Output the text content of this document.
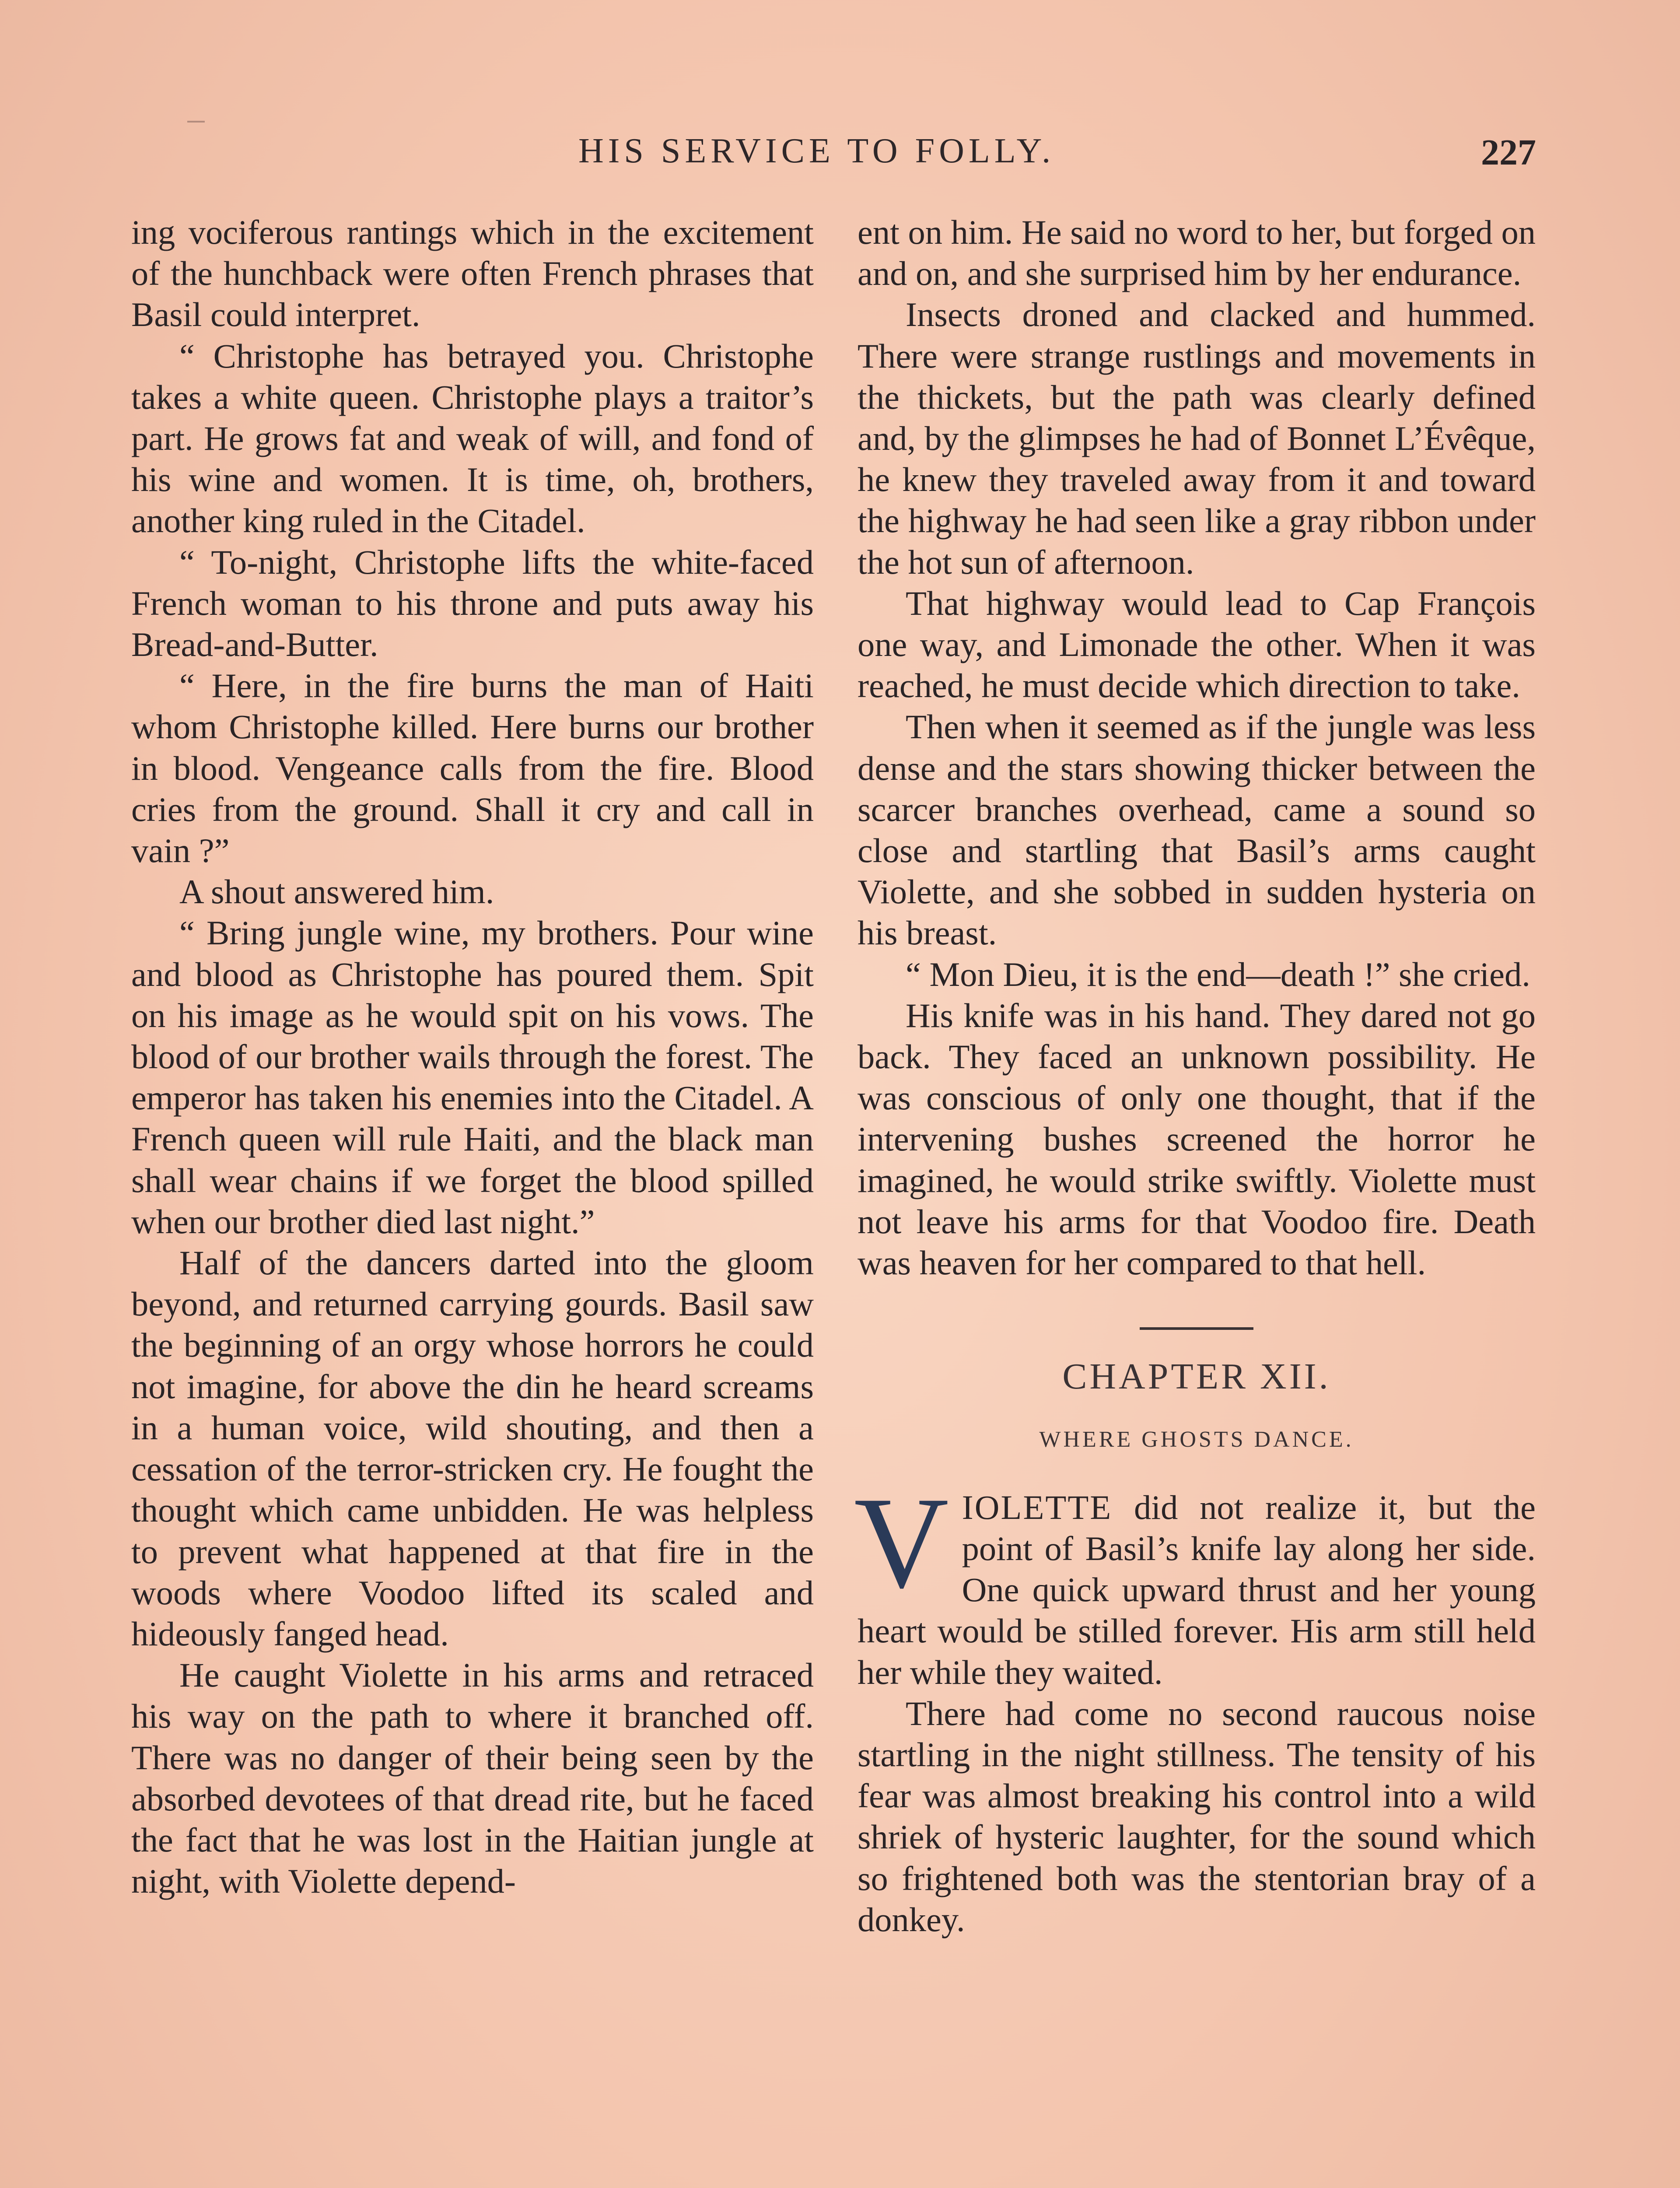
HIS SERVICE TO FOLLY.	227

ing vociferous rantings which in the excitement of the hunchback were often French phrases that Basil could interpret.

“ Christophe has betrayed you. Christophe takes a white queen. Christophe plays a traitor’s part. He grows fat and weak of will, and fond of his wine and women. It is time, oh, brothers, another king ruled in the Citadel.

“ To-night, Christophe lifts the white-faced French woman to his throne and puts away his Bread-and-Butter.

“ Here, in the fire burns the man of Haiti whom Christophe killed. Here burns our brother in blood. Vengeance calls from the fire. Blood cries from the ground. Shall it cry and call in vain ?”

A shout answered him.

“ Bring jungle wine, my brothers. Pour wine and blood as Christophe has poured them. Spit on his image as he would spit on his vows. The blood of our brother wails through the forest. The emperor has taken his enemies into the Citadel. A French queen will rule Haiti, and the black man shall wear chains if we forget the blood spilled when our brother died last night.”

Half of the dancers darted into the gloom beyond, and returned carrying gourds. Basil saw the beginning of an orgy whose horrors he could not imagine, for above the din he heard screams in a human voice, wild shouting, and then a cessation of the terror-stricken cry. He fought the thought which came unbidden. He was helpless to prevent what happened at that fire in the woods where Voodoo lifted its scaled and hideously fanged head.

He caught Violette in his arms and retraced his way on the path to where it branched off. There was no danger of their being seen by the absorbed devotees of that dread rite, but he faced the fact that he was lost in the Haitian jungle at night, with Violette depend-

ent on him. He said no word to her, but forged on and on, and she surprised him by her endurance.

Insects droned and clacked and hummed. There were strange rustlings and movements in the thickets, but the path was clearly defined and, by the glimpses he had of Bonnet L’Évêque, he knew they traveled away from it and toward the highway he had seen like a gray ribbon under the hot sun of afternoon.

That highway would lead to Cap François one way, and Limonade the other. When it was reached, he must decide which direction to take.

Then when it seemed as if the jungle was less dense and the stars showing thicker between the scarcer branches overhead, came a sound so close and startling that Basil’s arms caught Violette, and she sobbed in sudden hysteria on his breast.

“ Mon Dieu, it is the end—death !” she cried.

His knife was in his hand. They dared not go back. They faced an unknown possibility. He was conscious of only one thought, that if the intervening bushes screened the horror he imagined, he would strike swiftly. Violette must not leave his arms for that Voodoo fire. Death was heaven for her compared to that hell.

CHAPTER XII.
WHERE GHOSTS DANCE.

VIOLETTE did not realize it, but the point of Basil’s knife lay along her side. One quick upward thrust and her young heart would be stilled forever. His arm still held her while they waited.

There had come no second raucous noise startling in the night stillness. The tensity of his fear was almost breaking his control into a wild shriek of hysteric laughter, for the sound which so frightened both was the stentorian bray of a donkey.
